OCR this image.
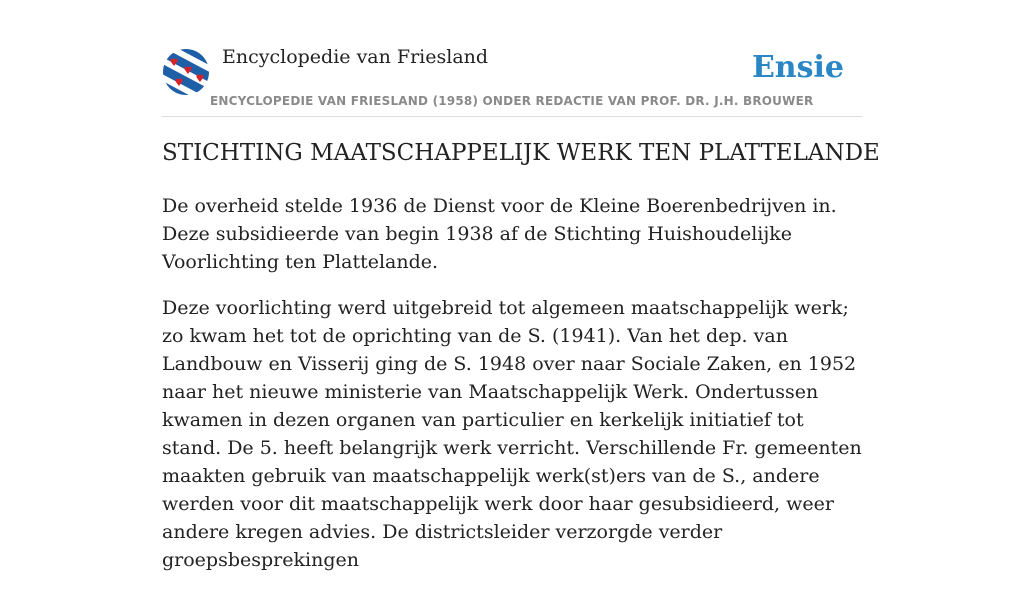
Encyclopedie van Friesland
ENCYCLOPEDIE VAN FRIESLAND (1958) ONDER REDACTIE VAN PROF. DR. J.H. BROUWER
Ensie
STICHTING MAATSCHAPPELIJK WERK TEN PLATTELANDE

De overheid stelde 1936 de Dienst voor de Kleine Boerenbedrijven in. Deze subsidieerde van begin 1938 af de Stichting Huishoudelijke Voorlichting ten Plattelande.

Deze voorlichting werd uitgebreid tot algemeen maatschappelijk werk; zo kwam het tot de oprichting van de S. (1941). Van het dep. van Landbouw en Visserij ging de S. 1948 over naar Sociale Zaken, en 1952 naar het nieuwe ministerie van Maatschappelijk Werk. Ondertussen kwamen in dezen organen van particulier en kerkelijk initiatief tot stand. De 5. heeft belangrijk werk verricht. Verschillende Fr. gemeenten maakten gebruik van maatschappelijk werk(st)ers van de S., andere werden voor dit maatschappelijk werk door haar gesubsidieerd, weer andere kregen advies. De districtsleider verzorgde verder groepsbesprekingen
